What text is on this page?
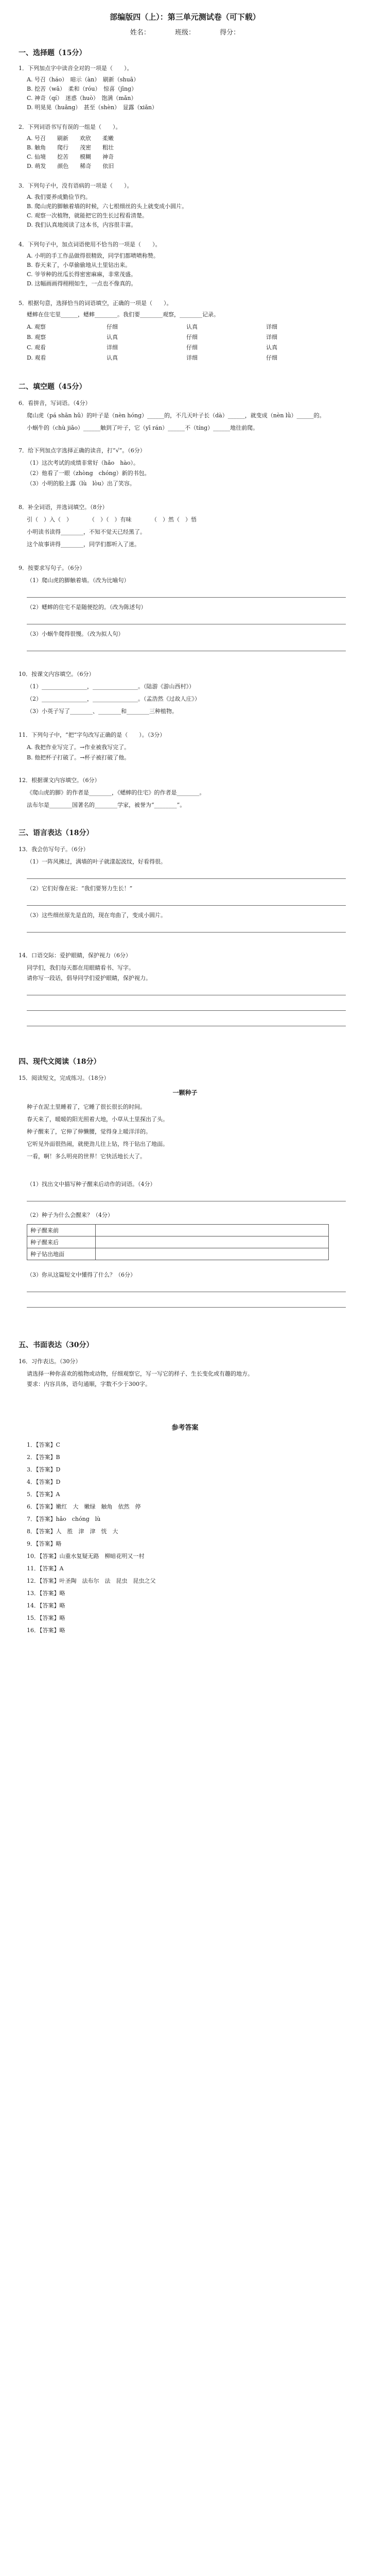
部编版四（上）：第三单元测试卷（可下载）
姓名：	班级：	得分：
一、选择题（15分）
1．下列加点字中读音全对的一项是（　　）。
A. 号召（háo）　暗示（àn）　刷新（shuā）
B. 挖苦（wā）　柔和（róu）　惊喜（jīng）
C. 神奇（qí）　迷惑（huò）　饱满（mǎn）
D. 明晃晃（huǎng）　甚至（shèn）　显露（xiǎn）
2．下列词语书写有误的一组是（　　）。
A. 号召　　刷新　　欢欣　　柔嫩
B. 触角　　爬行　　茂密　　粗壮
C. 仙境　　挖苦　　模糊　　神奇
D. 萌发　　颜色　　稀奇　　依旧
3．下列句子中，没有语病的一项是（　　）。
A. 我们要养成勤俭节约。
B. 爬山虎的脚触着墙的时候，六七根细丝的头上就变成小圆片。
C. 观察一次植物，就能把它的生长过程看清楚。
D. 我们认真地阅读了这本书，内容很丰富。
4．下列句子中，加点词语使用不恰当的一项是（　　）。
A. 小明的手工作品做得很精致，同学们都啧啧称赞。
B. 春天来了，小草偷偷地从土里钻出来。
C. 爷爷种的丝瓜长得密密麻麻，非常茂盛。
D. 这幅画画得栩栩如生，一点也不像真的。
5．根据句意，选择恰当的词语填空，正确的一项是（　　）。
蟋蟀在住宅里______，蟋蟀________。我们要________观察，________记录。
A. 观察	仔细	认真	详细
B. 观察	认真	仔细	详细
C. 观看	详细	仔细	认真
D. 观看	认真	详细	仔细
二、填空题（45分）
6．看拼音，写词语。（4分）
爬山虎（pá shān hǔ）的叶子是（nèn hóng）______的，不几天叶子长（dà）______，就变成（nèn lǜ）______的。
小蜗牛的（chù jiǎo）______触到了叶子，它（yī rán）______不（tíng）______地往前爬。
7．给下列加点字选择正确的读音，打“√”。（6分）
（1）这次考试的成绩非常好（hǎo　hào）。
（2）他看了一眼（zhòng　chóng）新的书包。
（3）小明的脸上露（lù　lòu）出了笑容。
8．补全词语，并选词填空。（8分）
引（　）入（　）　　　　（　）（　）有味　　　　（　）然（　）悟
小明读书读得________，不知不觉天已经黑了。
这个故事讲得________，同学们都听入了迷。
9．按要求写句子。（6分）
（1）爬山虎的脚触着墙。（改为比喻句）
（2）蟋蟀的住宅不是随便挖的。（改为陈述句）
（3）小蜗牛爬得很慢。（改为拟人句）
10．按课文内容填空。（6分）
（1）________________，________________。（陆游《游山西村》）
（2）________________，________________。（孟浩然《过故人庄》）
（3）小英子写了________、________和________三种植物。
11．下列句子中，“把”字句改写正确的是（　　）。（3分）
A. 我把作业写完了。→作业被我写完了。
B. 他把杯子打破了。→杯子被打破了他。
12．根据课文内容填空。（6分）
《爬山虎的脚》的作者是________，《蟋蟀的住宅》的作者是________。
法布尔是________国著名的________学家，被誉为“________”。
三、语言表达（18分）
13．我会仿写句子。（6分）
（1）一阵风拂过，满墙的叶子就漾起波纹，好看得很。
（2）它们好像在说：“我们要努力生长！”
（3）这些细丝原先是直的，现在弯曲了，变成小圆片。
14．口语交际：爱护眼睛，保护视力（6分）
同学们，我们每天都在用眼睛看书、写字。
请你写一段话，倡导同学们爱护眼睛，保护视力。
四、现代文阅读（18分）
15．阅读短文，完成练习。（18分）
一颗种子
种子在泥土里睡着了，它睡了很长很长的时间。
春天来了，暖暖的阳光照着大地，小草从土里探出了头。
种子醒来了，它伸了伸懒腰，觉得身上暖洋洋的。
它听见外面很热闹，就使劲儿往上钻，终于钻出了地面。
一看，啊！多么明亮的世界！它快活地长大了。
（1）找出文中描写种子醒来后动作的词语。（4分）
（2）种子为什么会醒来？（4分）
种子醒来前	
种子醒来后	
种子钻出地面	
（3）你从这篇短文中懂得了什么？（6分）
五、书面表达（30分）
16．习作表达。（30分）
请选择一种你喜欢的植物或动物，仔细观察它，写一写它的样子、生长变化或有趣的地方。
要求：内容具体，语句通顺，字数不少于300字。
参考答案
1．【答案】C
2．【答案】B
3．【答案】D
4．【答案】D
5．【答案】A
6．【答案】嫩红　大　嫩绿　触角　依然　停
7．【答案】hǎo　chóng　lù
8．【答案】人　胜　津　津　恍　大
9．【答案】略
10．【答案】山重水复疑无路　柳暗花明又一村
11．【答案】A
12．【答案】叶圣陶　法布尔　法　昆虫　昆虫之父
13．【答案】略
14．【答案】略
15．【答案】略
16．【答案】略
